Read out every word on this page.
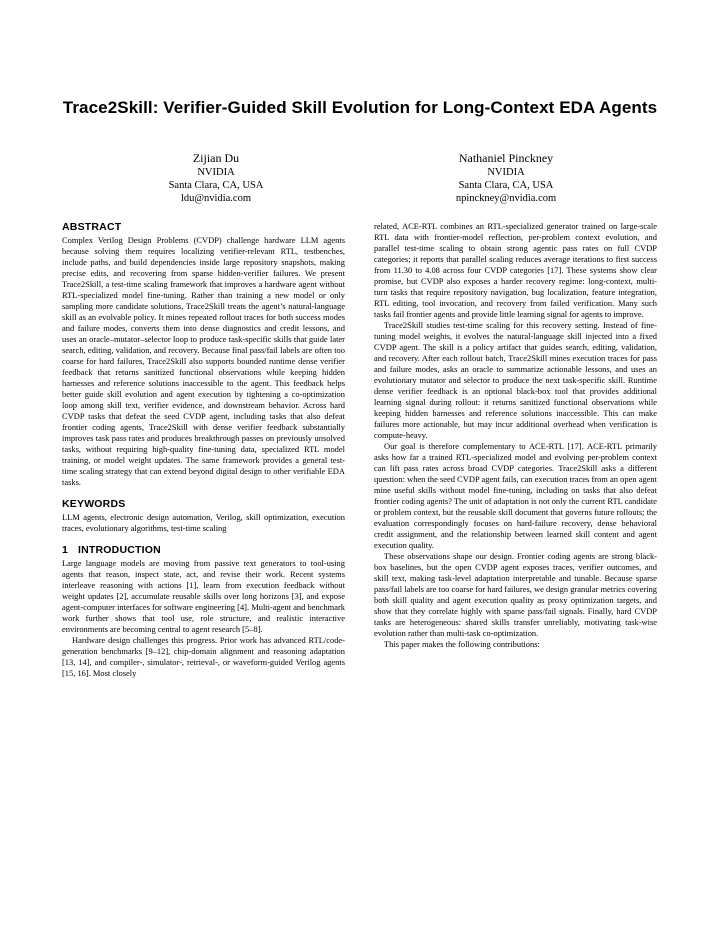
Trace2Skill: Verifier-Guided Skill Evolution for Long-Context EDA Agents
Zijian Du
NVIDIA
Santa Clara, CA, USA
ldu@nvidia.com
Nathaniel Pinckney
NVIDIA
Santa Clara, CA, USA
npinckney@nvidia.com
ABSTRACT

Complex Verilog Design Problems (CVDP) challenge hardware LLM agents because solving them requires localizing verifier-relevant RTL, testbenches, include paths, and build dependencies inside large repository snapshots, making precise edits, and recovering from sparse hidden-verifier failures. We present Trace2Skill, a test-time scaling framework that improves a hardware agent without RTL-specialized model fine-tuning. Rather than training a new model or only sampling more candidate solutions, Trace2Skill treats the agent’s natural-language skill as an evolvable policy. It mines repeated rollout traces for both success modes and failure modes, converts them into dense diagnostics and credit lessons, and uses an oracle–mutator–selector loop to produce task-specific skills that guide later search, editing, validation, and recovery. Because final pass/fail labels are often too coarse for hard failures, Trace2Skill also supports bounded runtime dense verifier feedback that returns sanitized functional observations while keeping hidden harnesses and reference solutions inaccessible to the agent. This feedback helps better guide skill evolution and agent execution by tightening a co-optimization loop among skill text, verifier evidence, and downstream behavior. Across hard CVDP tasks that defeat the seed CVDP agent, including tasks that also defeat frontier coding agents, Trace2Skill with dense verifier feedback substantially improves task pass rates and produces breakthrough passes on previously unsolved tasks, without requiring high-quality fine-tuning data, specialized RTL model training, or model weight updates. The same framework provides a general test-time scaling strategy that can extend beyond digital design to other verifiable EDA tasks.

KEYWORDS

LLM agents, electronic design automation, Verilog, skill optimization, execution traces, evolutionary algorithms, test-time scaling

1 INTRODUCTION

Large language models are moving from passive text generators to tool-using agents that reason, inspect state, act, and revise their work. Recent systems interleave reasoning with actions [1], learn from execution feedback without weight updates [2], accumulate reusable skills over long horizons [3], and expose agent-computer interfaces for software engineering [4]. Multi-agent and benchmark work further shows that tool use, role structure, and realistic interactive environments are becoming central to agent research [5–8].

Hardware design challenges this progress. Prior work has advanced RTL/code-generation benchmarks [9–12], chip-domain alignment and reasoning adaptation [13, 14], and compiler-, simulator-, retrieval-, or waveform-guided Verilog agents [15, 16]. Most closely

related, ACE-RTL combines an RTL-specialized generator trained on large-scale RTL data with frontier-model reflection, per-problem context evolution, and parallel test-time scaling to obtain strong agentic pass rates on full CVDP categories; it reports that parallel scaling reduces average iterations to first success from 11.30 to 4.08 across four CVDP categories [17]. These systems show clear promise, but CVDP also exposes a harder recovery regime: long-context, multi-turn tasks that require repository navigation, bug localization, feature integration, RTL editing, tool invocation, and recovery from failed verification. Many such tasks fail frontier agents and provide little learning signal for agents to improve.

Trace2Skill studies test-time scaling for this recovery setting. Instead of fine-tuning model weights, it evolves the natural-language skill injected into a fixed CVDP agent. The skill is a policy artifact that guides search, editing, validation, and recovery. After each rollout batch, Trace2Skill mines execution traces for pass and failure modes, asks an oracle to summarize actionable lessons, and uses an evolutionary mutator and selector to produce the next task-specific skill. Runtime dense verifier feedback is an optional black-box tool that provides additional learning signal during rollout: it returns sanitized functional observations while keeping hidden harnesses and reference solutions inaccessible. This can make failures more actionable, but may incur additional overhead when verification is compute-heavy.

Our goal is therefore complementary to ACE-RTL [17]. ACE-RTL primarily asks how far a trained RTL-specialized model and evolving per-problem context can lift pass rates across broad CVDP categories. Trace2Skill asks a different question: when the seed CVDP agent fails, can execution traces from an open agent mine useful skills without model fine-tuning, including on tasks that also defeat frontier coding agents? The unit of adaptation is not only the current RTL candidate or problem context, but the reusable skill document that governs future rollouts; the evaluation correspondingly focuses on hard-failure recovery, dense behavioral credit assignment, and the relationship between learned skill content and agent execution quality.

These observations shape our design. Frontier coding agents are strong black-box baselines, but the open CVDP agent exposes traces, verifier outcomes, and skill text, making task-level adaptation interpretable and tunable. Because sparse pass/fail labels are too coarse for hard failures, we design granular metrics covering both skill quality and agent execution quality as proxy optimization targets, and show that they correlate highly with sparse pass/fail signals. Finally, hard CVDP tasks are heterogeneous: shared skills transfer unreliably, motivating task-wise evolution rather than multi-task co-optimization.

This paper makes the following contributions:
